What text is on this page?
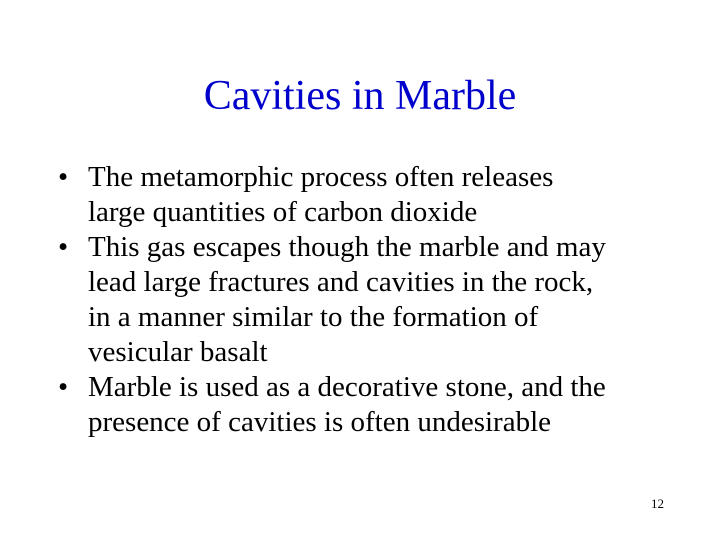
Cavities in Marble
• The metamorphic process often releases
large quantities of carbon dioxide
• This gas escapes though the marble and may
lead large fractures and cavities in the rock,
in a manner similar to the formation of
vesicular basalt
• Marble is used as a decorative stone, and the
presence of cavities is often undesirable
12
